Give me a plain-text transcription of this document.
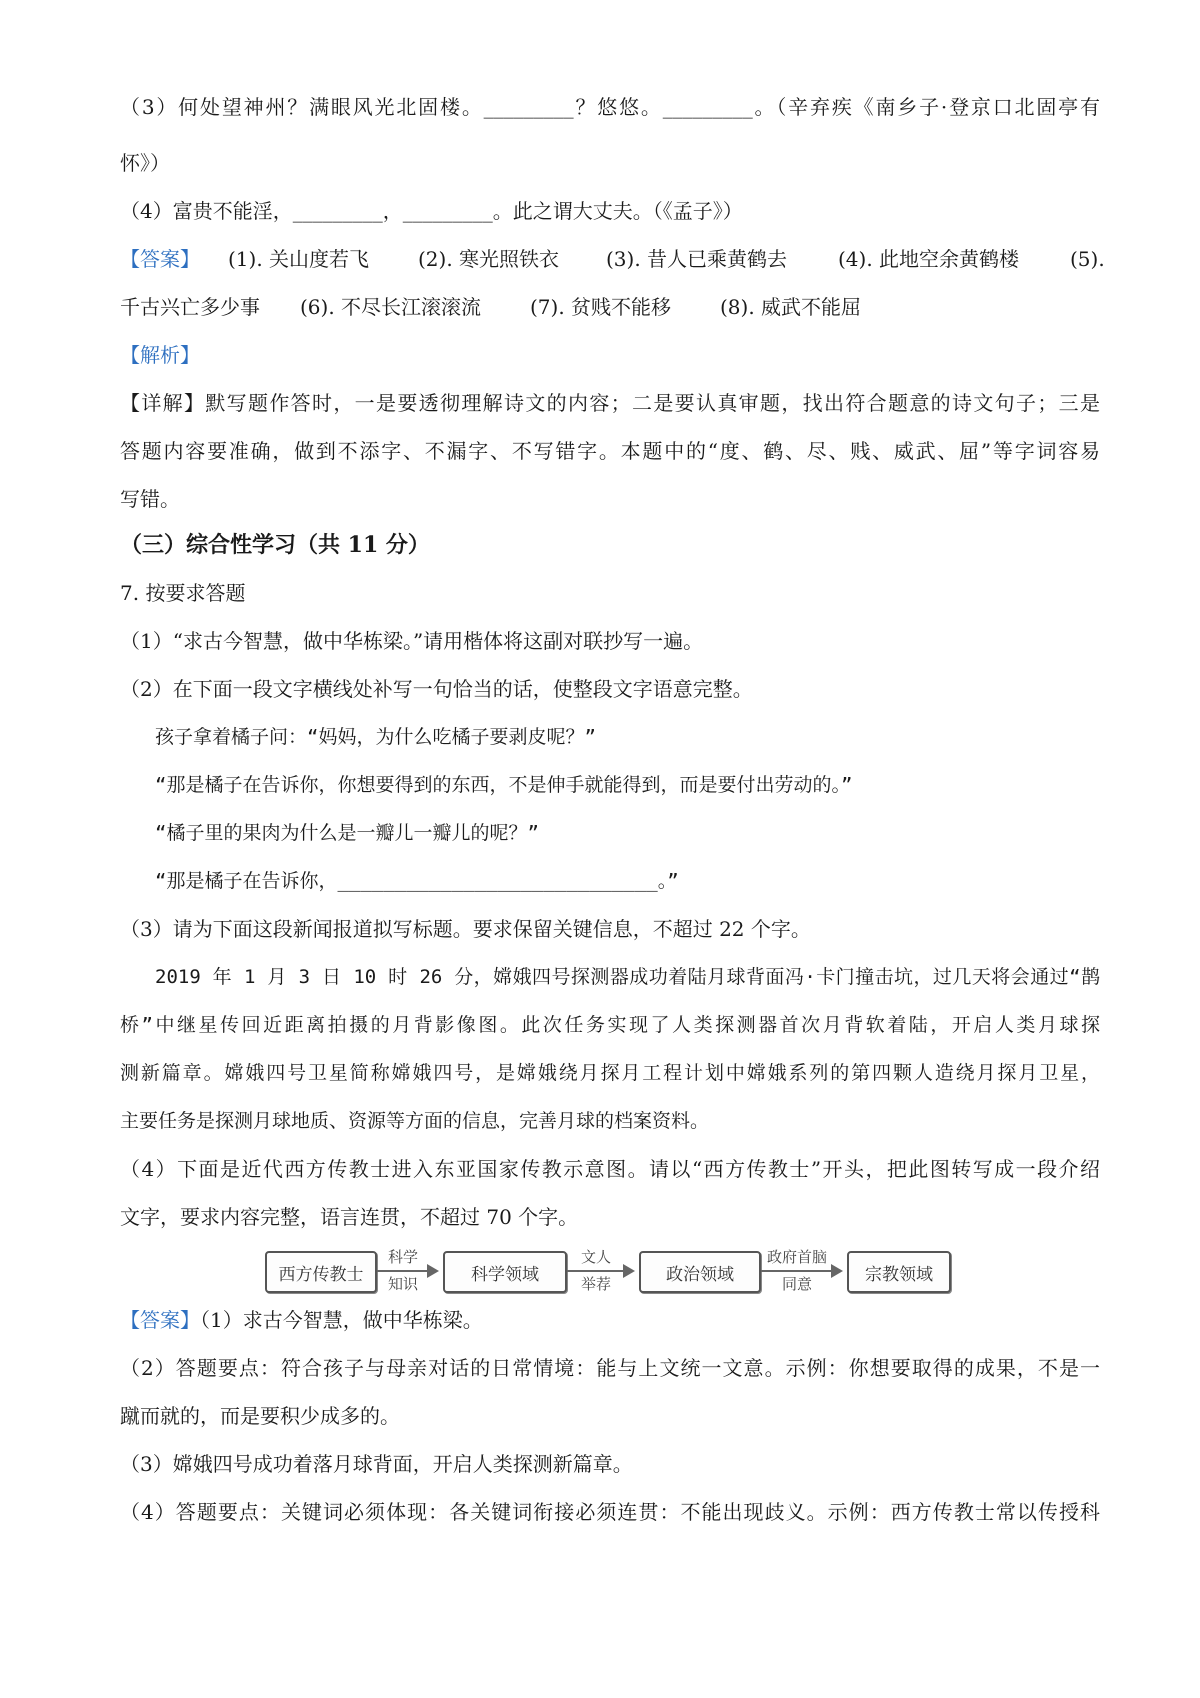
（3）何处望神州？满眼风光北固楼。_________？悠悠。_________。（辛弃疾《南乡子·登京口北固亭有
怀》）
（4）富贵不能淫，_________，_________。此之谓大丈夫。（《孟子》）
【答案】 (1). 关山度若飞 (2). 寒光照铁衣 (3). 昔人已乘黄鹤去	(4). 此地空余黄鹤楼	(5).
千古兴亡多少事 (6). 不尽长江滚滚流 (7). 贫贱不能移 (8). 威武不能屈
【解析】
【详解】默写题作答时，一是要透彻理解诗文的内容；二是要认真审题，找出符合题意的诗文句子；三是
答题内容要准确，做到不添字、不漏字、不写错字。本题中的“度、鹤、尽、贱、威武、屈”等字词容易
写错。
（三）综合性学习（共 11 分）
7. 按要求答题
（1）“求古今智慧，做中华栋梁。”请用楷体将这副对联抄写一遍。
（2）在下面一段文字横线处补写一句恰当的话，使整段文字语意完整。
孩子拿着橘子问：“妈妈，为什么吃橘子要剥皮呢？”
“那是橘子在告诉你，你想要得到的东西，不是伸手就能得到，而是要付出劳动的。”
“橘子里的果肉为什么是一瓣儿一瓣儿的呢？”
“那是橘子在告诉你，____________________________。”
（3）请为下面这段新闻报道拟写标题。要求保留关键信息，不超过 22 个字。
2019 年 1 月 3 日 10 时 26 分，嫦娥四号探测器成功着陆月球背面冯·卡门撞击坑，过几天将会通过“鹊
桥”中继星传回近距离拍摄的月背影像图。此次任务实现了人类探测器首次月背软着陆，开启人类月球探
测新篇章。嫦娥四号卫星简称嫦娥四号，是嫦娥绕月探月工程计划中嫦娥系列的第四颗人造绕月探月卫星，
主要任务是探测月球地质、资源等方面的信息，完善月球的档案资料。
（4）下面是近代西方传教士进入东亚国家传教示意图。请以“西方传教士”开头，把此图转写成一段介绍
文字，要求内容完整，语言连贯，不超过 70 个字。
西方传教士
科学
知识	科学领域
文人
举荐	政治领域
政府首脑
同意	宗教领域
【答案】（1）求古今智慧，做中华栋梁。
（2）答题要点：符合孩子与母亲对话的日常情境：能与上文统一文意。示例：你想要取得的成果，不是一
蹴而就的，而是要积少成多的。
（3）嫦娥四号成功着落月球背面，开启人类探测新篇章。
（4）答题要点：关键词必须体现：各关键词衔接必须连贯：不能出现歧义。示例：西方传教士常以传授科
